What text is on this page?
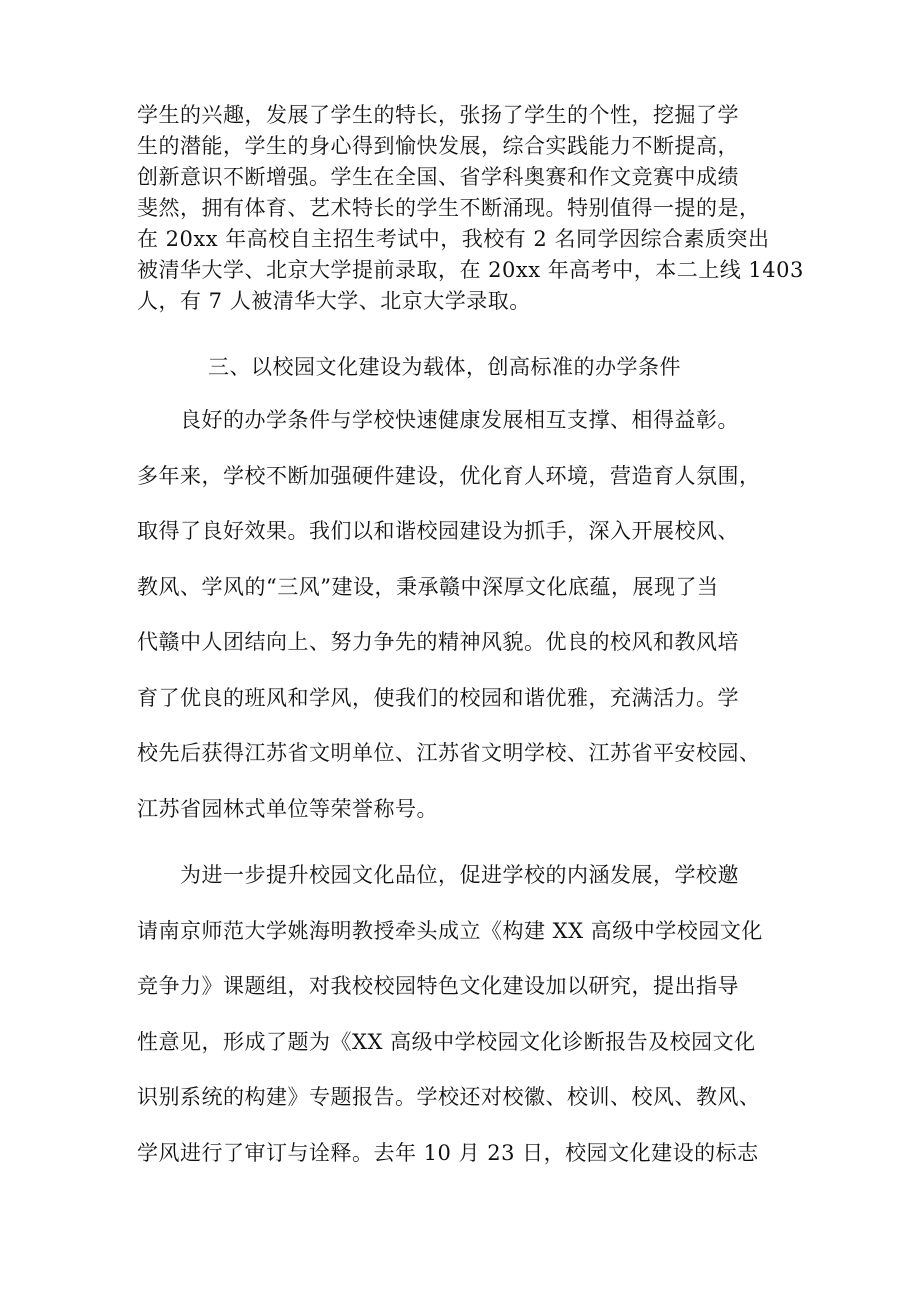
学生的兴趣，发展了学生的特长，张扬了学生的个性，挖掘了学
生的潜能，学生的身心得到愉快发展，综合实践能力不断提高，
创新意识不断增强。学生在全国、省学科奥赛和作文竞赛中成绩
斐然，拥有体育、艺术特长的学生不断涌现。特别值得一提的是，
在 20xx 年高校自主招生考试中，我校有 2 名同学因综合素质突出
被清华大学、北京大学提前录取，在 20xx 年高考中，本二上线 1403
人，有 7 人被清华大学、北京大学录取。
三、以校园文化建设为载体，创高标准的办学条件
　　良好的办学条件与学校快速健康发展相互支撑、相得益彰。
多年来，学校不断加强硬件建设，优化育人环境，营造育人氛围，
取得了良好效果。我们以和谐校园建设为抓手，深入开展校风、
教风、学风的“三风”建设，秉承赣中深厚文化底蕴，展现了当
代赣中人团结向上、努力争先的精神风貌。优良的校风和教风培
育了优良的班风和学风，使我们的校园和谐优雅，充满活力。学
校先后获得江苏省文明单位、江苏省文明学校、江苏省平安校园、
江苏省园林式单位等荣誉称号。
　　为进一步提升校园文化品位，促进学校的内涵发展，学校邀
请南京师范大学姚海明教授牵头成立《构建 XX 高级中学校园文化
竞争力》课题组，对我校校园特色文化建设加以研究，提出指导
性意见，形成了题为《XX 高级中学校园文化诊断报告及校园文化
识别系统的构建》专题报告。学校还对校徽、校训、校风、教风、
学风进行了审订与诠释。去年 10 月 23 日，校园文化建设的标志
